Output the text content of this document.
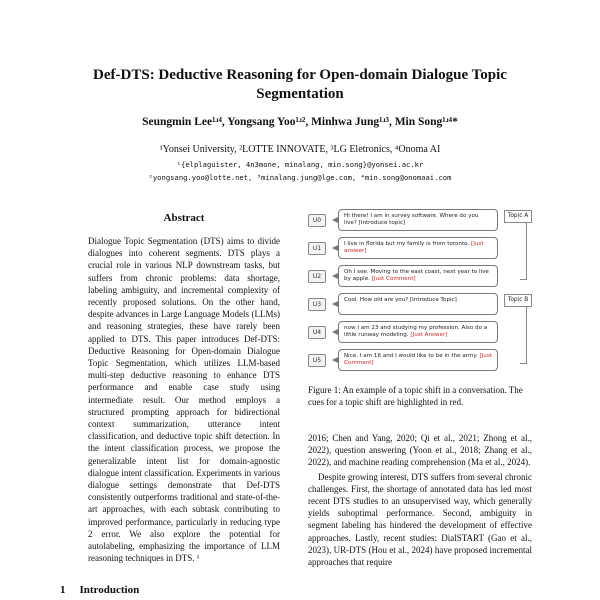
Def-DTS: Deductive Reasoning for Open-domain Dialogue Topic Segmentation
Seungmin Lee¹ʴ⁴, Yongsang Yoo¹ʴ², Minhwa Jung¹ʴ³, Min Song¹ʴ⁴*
¹Yonsei University, ²LOTTE INNOVATE, ³LG Eletronics, ⁴Onoma AI
¹{elplaguister, 4n3mone, minalang, min.song}@yonsei.ac.kr
²yongsang.yoo@lotte.net, ³minalang.jung@lge.com, ⁴min.song@onomaai.com
Abstract
Dialogue Topic Segmentation (DTS) aims to divide dialogues into coherent segments. DTS plays a crucial role in various NLP downstream tasks, but suffers from chronic problems: data shortage, labeling ambiguity, and incremental complexity of recently proposed solutions. On the other hand, despite advances in Large Language Models (LLMs) and reasoning strategies, these have rarely been applied to DTS. This paper introduces Def-DTS: Deductive Reasoning for Open-domain Dialogue Topic Segmentation, which utilizes LLM-based multi-step deductive reasoning to enhance DTS performance and enable case study using intermediate result. Our method employs a structured prompting approach for bidirectional context summarization, utterance intent classification, and deductive topic shift detection. In the intent classification process, we propose the generalizable intent list for domain-agnostic dialogue intent classification. Experiments in various dialogue settings demonstrate that Def-DTS consistently outperforms traditional and state-of-the-art approaches, with each subtask contributing to improved performance, particularly in reducing type 2 error. We also explore the potential for autolabeling, emphasizing the importance of LLM reasoning techniques in DTS. ¹
1 Introduction
U0
Hi there! I am in survey software. Where do you live? [Introduce topic]
U1
I live in florida but my family is from toronto. [Just answer]
U2
Oh I see. Moving to the east coast, next year to live by apple. [Just Comment]
U3
Cool. How old are you? [Introduce Topic]
U4
now I am 23 and studying my profession. Also do a little runway modeling. [Just Answer]
U5
Nice. I am 16 and I would like to be in the army. [Just Comment]
Topic A
Topic B
Figure 1: An example of a topic shift in a conversation. The cues for a topic shift are highlighted in red.

2016; Chen and Yang, 2020; Qi et al., 2021; Zhong et al., 2022), question answering (Yoon et al., 2018; Zhang et al., 2022), and machine reading comprehension (Ma et al., 2024).

Despite growing interest, DTS suffers from several chronic challenges. First, the shortage of annotated data has led most recent DTS studies to an unsupervised way, which generally yields suboptimal performance. Second, ambiguity in segment labeling has hindered the development of effective approaches. Lastly, recent studies: DialSTART (Gao et al., 2023), UR-DTS (Hou et al., 2024) have proposed incremental approaches that require
